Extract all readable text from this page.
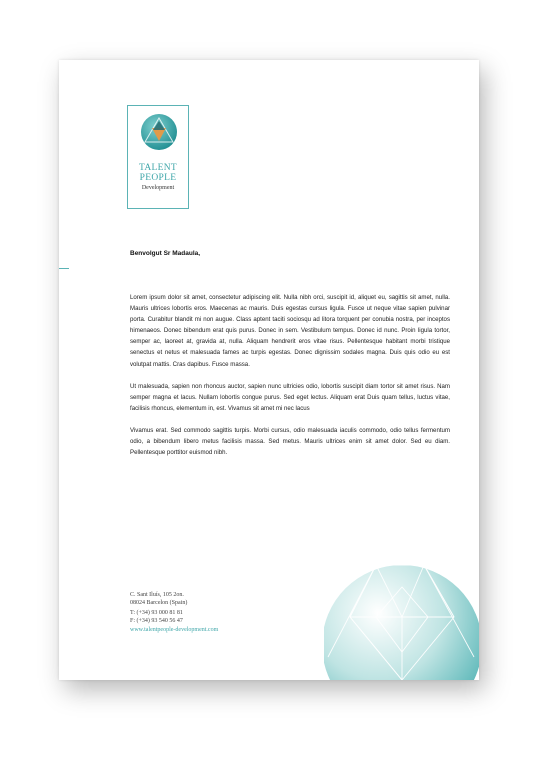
TALENT
PEOPLE
Development
Benvolgut Sr Madaula,

Lorem ipsum dolor sit amet, consectetur adipiscing elit. Nulla nibh orci, suscipit id, aliquet eu, sagittis sit amet, nulla. Mauris ultrices lobortis eros. Maecenas ac mauris. Duis egestas cursus ligula. Fusce ut neque vitae sapien pulvinar porta. Curabitur blandit mi non augue. Class aptent taciti sociosqu ad litora torquent per conubia nostra, per inceptos himenaeos. Donec bibendum erat quis purus. Donec in sem. Vestibulum tempus. Donec id nunc. Proin ligula tortor, semper ac, laoreet at, gravida at, nulla. Aliquam hendrerit eros vitae risus. Pellentesque habitant morbi tristique senectus et netus et malesuada fames ac turpis egestas. Donec dignissim sodales magna. Duis quis odio eu est volutpat mattis. Cras dapibus. Fusce massa.

Ut malesuada, sapien non rhoncus auctor, sapien nunc ultricies odio, lobortis suscipit diam tortor sit amet risus. Nam semper magna et lacus. Nullam lobortis congue purus. Sed eget lectus. Aliquam erat Duis quam tellus, luctus vitae, facilisis rhoncus, elementum in, est. Vivamus sit amet mi nec lacus

Vivamus erat. Sed commodo sagittis turpis. Morbi cursus, odio malesuada iaculis commodo, odio tellus fermentum odio, a bibendum libero metus facilisis massa. Sed metus. Mauris ultrices enim sit amet dolor. Sed eu diam. Pellentesque porttitor euismod nibh.

C. Sant Iluís, 105 2on.
08024 Barcelon (Spain)
T: (+34) 93 000 81 81
F: (+34) 93 540 56 47
www.talentpeople-development.com
